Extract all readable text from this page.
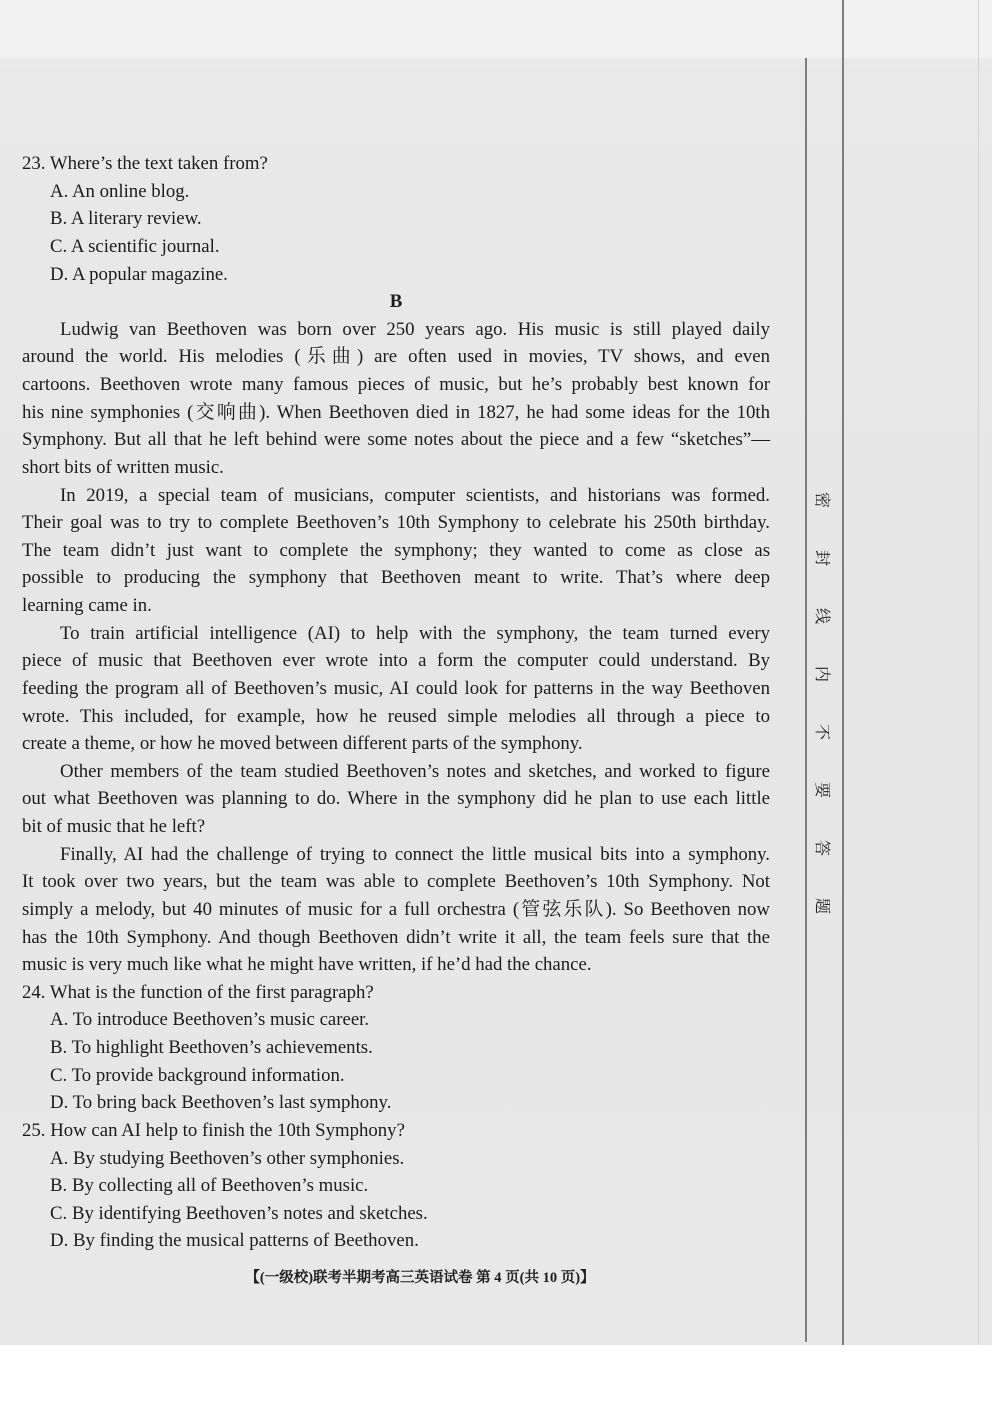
密封线内不要答题
23. Where’s the text taken from?
A. An online blog.
B. A literary review.
C. A scientific journal.
D. A popular magazine.
B
Ludwig van Beethoven was born over 250 years ago. His music is still played daily
around the world. His melodies (乐曲) are often used in movies, TV shows, and even
cartoons. Beethoven wrote many famous pieces of music, but he’s probably best known for
his nine symphonies (交响曲). When Beethoven died in 1827, he had some ideas for the 10th
Symphony. But all that he left behind were some notes about the piece and a few “sketches”—
short bits of written music.
In 2019, a special team of musicians, computer scientists, and historians was formed.
Their goal was to try to complete Beethoven’s 10th Symphony to celebrate his 250th birthday.
The team didn’t just want to complete the symphony; they wanted to come as close as
possible to producing the symphony that Beethoven meant to write. That’s where deep
learning came in.
To train artificial intelligence (AI) to help with the symphony, the team turned every
piece of music that Beethoven ever wrote into a form the computer could understand. By
feeding the program all of Beethoven’s music, AI could look for patterns in the way Beethoven
wrote. This included, for example, how he reused simple melodies all through a piece to
create a theme, or how he moved between different parts of the symphony.
Other members of the team studied Beethoven’s notes and sketches, and worked to figure
out what Beethoven was planning to do. Where in the symphony did he plan to use each little
bit of music that he left?
Finally, AI had the challenge of trying to connect the little musical bits into a symphony.
It took over two years, but the team was able to complete Beethoven’s 10th Symphony. Not
simply a melody, but 40 minutes of music for a full orchestra (管弦乐队). So Beethoven now
has the 10th Symphony. And though Beethoven didn’t write it all, the team feels sure that the
music is very much like what he might have written, if he’d had the chance.
24. What is the function of the first paragraph?
A. To introduce Beethoven’s music career.
B. To highlight Beethoven’s achievements.
C. To provide background information.
D. To bring back Beethoven’s last symphony.
25. How can AI help to finish the 10th Symphony?
A. By studying Beethoven’s other symphonies.
B. By collecting all of Beethoven’s music.
C. By identifying Beethoven’s notes and sketches.
D. By finding the musical patterns of Beethoven.
【(一级校)联考半期考高三英语试卷 第 4 页(共 10 页)】
